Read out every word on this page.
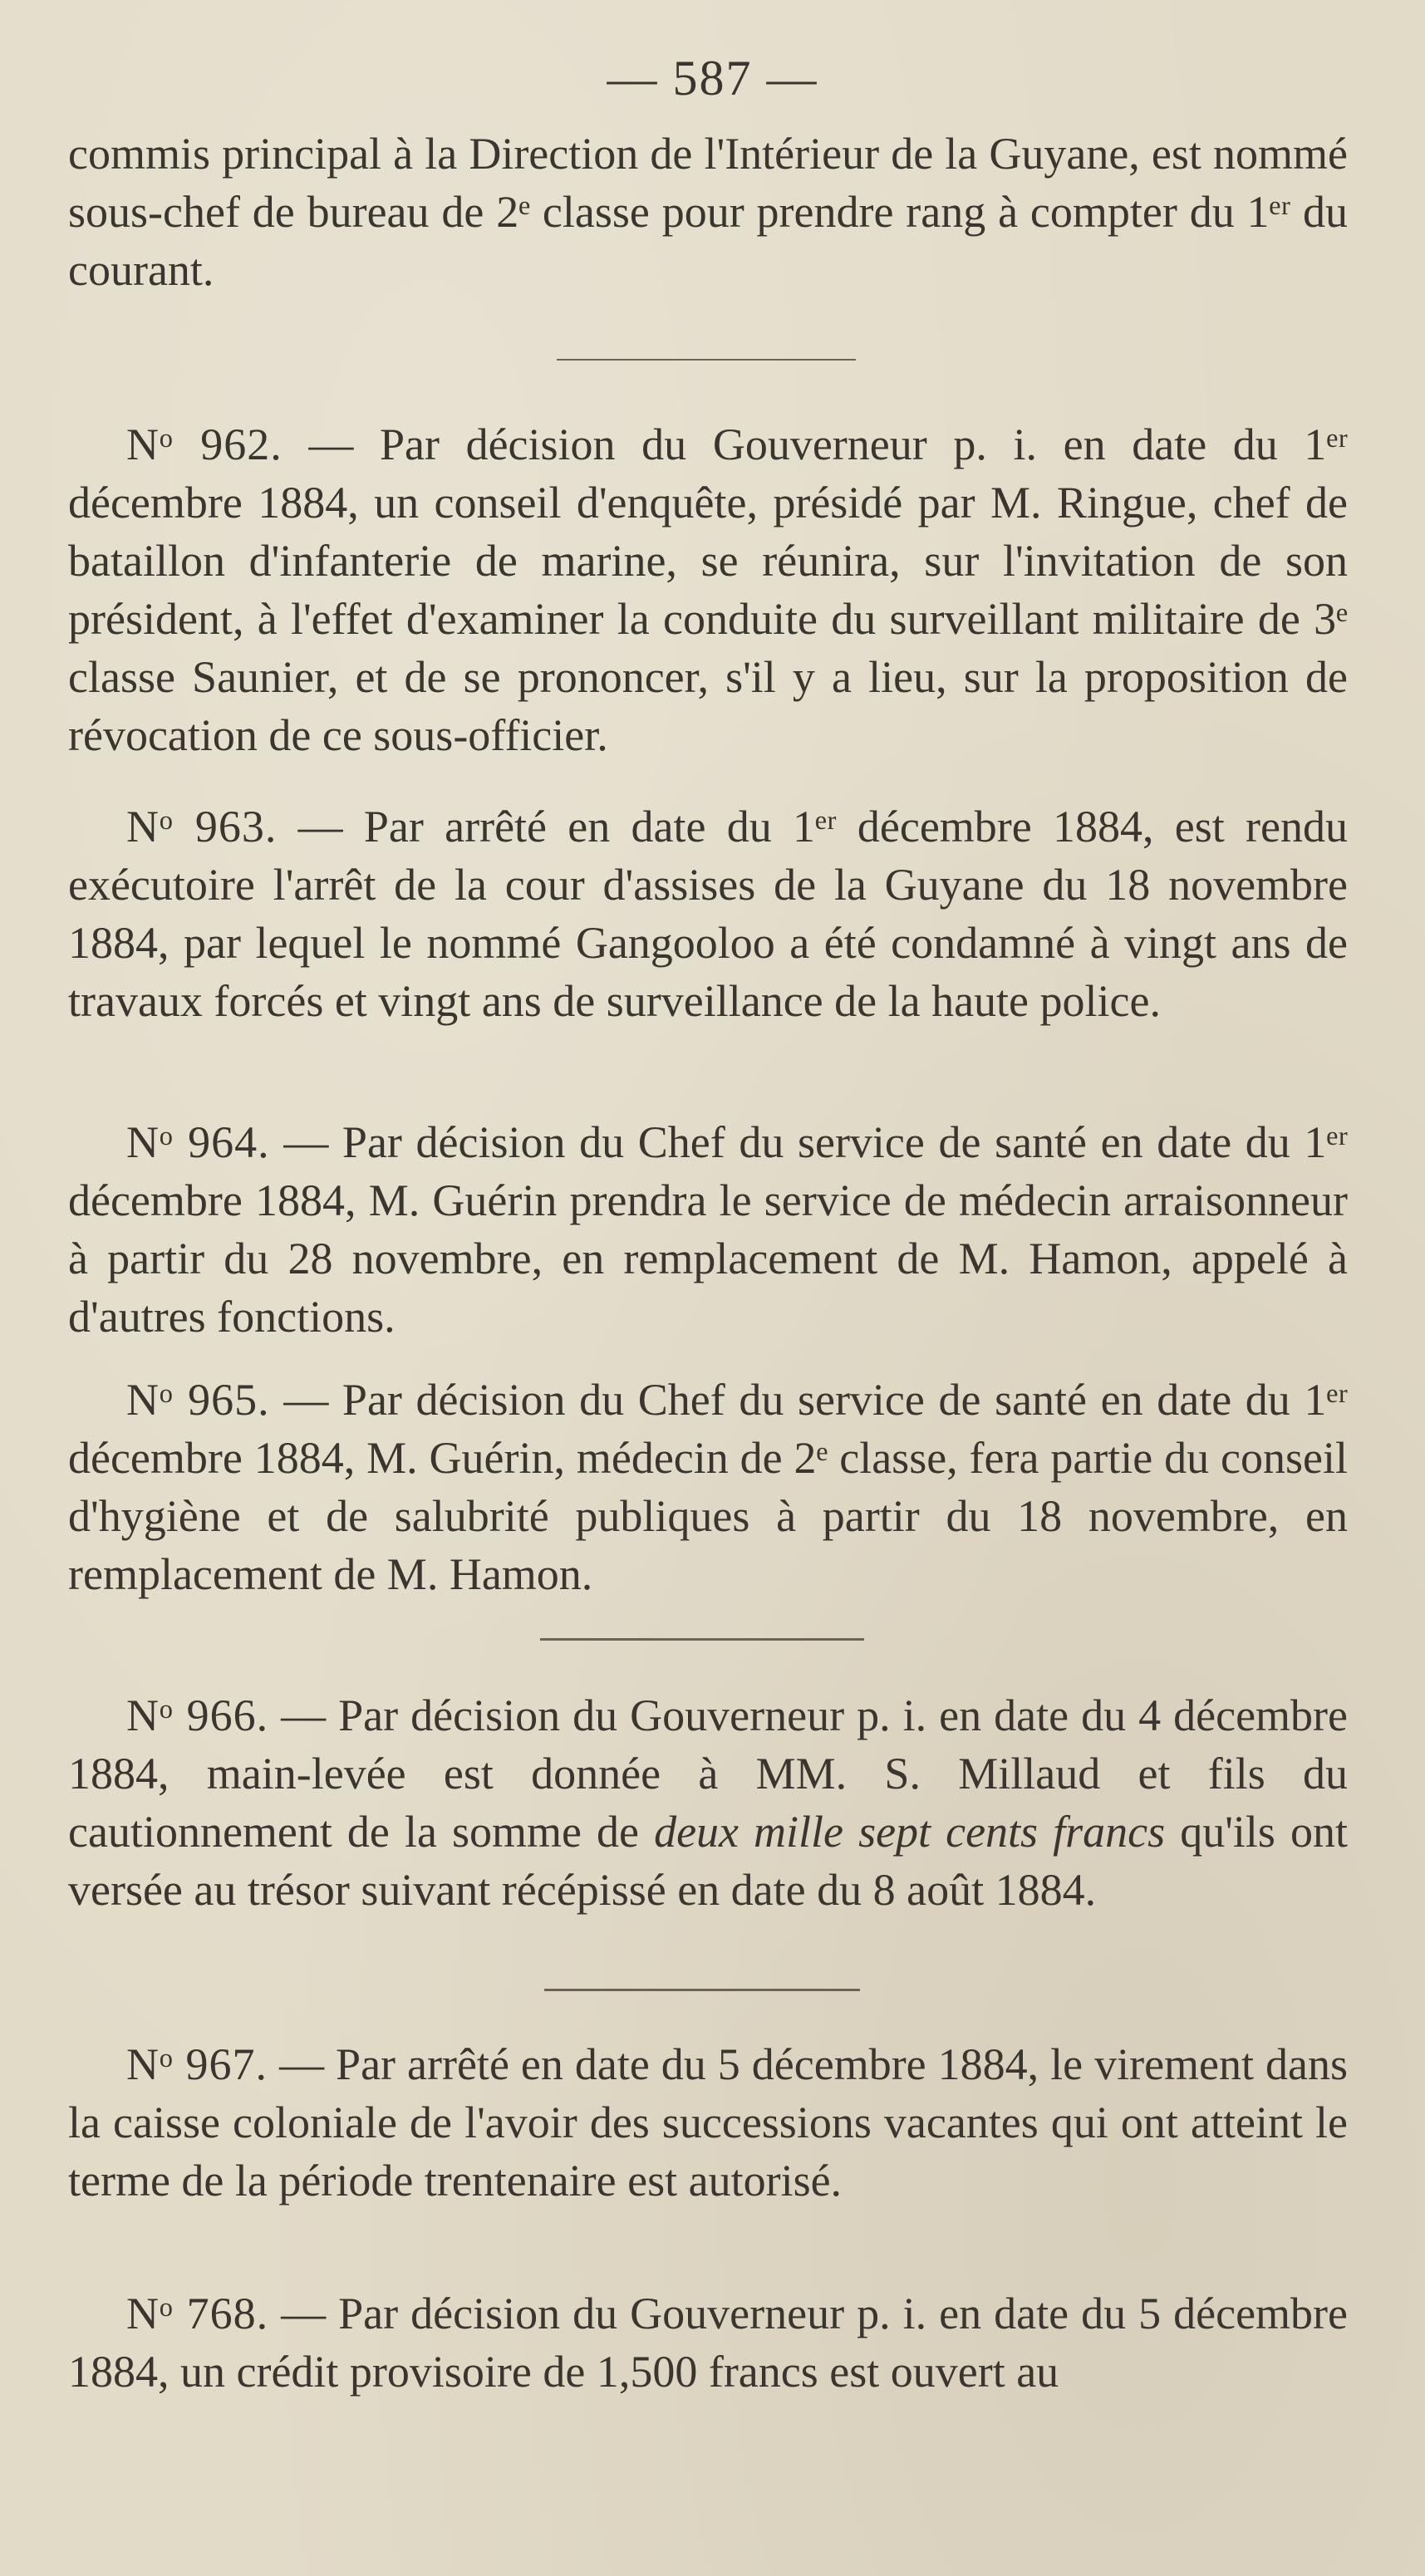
— 587 —

commis principal à la Direction de l'Intérieur de la Guyane, est nommé sous-chef de bureau de 2ᵉ classe pour prendre rang à compter du 1ᵉʳ du courant.

Nᵒ 962. — Par décision du Gouverneur p. i. en date du 1ᵉʳ décembre 1884, un conseil d'enquête, présidé par M. Ringue, chef de bataillon d'infanterie de marine, se réunira, sur l'invitation de son président, à l'effet d'examiner la conduite du surveillant militaire de 3ᵉ classe Saunier, et de se prononcer, s'il y a lieu, sur la proposition de révocation de ce sous-officier.

Nᵒ 963. — Par arrêté en date du 1ᵉʳ décembre 1884, est rendu exécutoire l'arrêt de la cour d'assises de la Guyane du 18 novembre 1884, par lequel le nommé Gangooloo a été condamné à vingt ans de travaux forcés et vingt ans de surveillance de la haute police.

Nᵒ 964. — Par décision du Chef du service de santé en date du 1ᵉʳ décembre 1884, M. Guérin prendra le service de médecin arraisonneur à partir du 28 novembre, en remplacement de M. Hamon, appelé à d'autres fonctions.

Nᵒ 965. — Par décision du Chef du service de santé en date du 1ᵉʳ décembre 1884, M. Guérin, médecin de 2ᵉ classe, fera partie du conseil d'hygiène et de salubrité publiques à partir du 18 novembre, en remplacement de M. Hamon.

Nᵒ 966. — Par décision du Gouverneur p. i. en date du 4 décembre 1884, main-levée est donnée à MM. S. Millaud et fils du cautionnement de la somme de deux mille sept cents francs qu'ils ont versée au trésor suivant récépissé en date du 8 août 1884.

Nᵒ 967. — Par arrêté en date du 5 décembre 1884, le virement dans la caisse coloniale de l'avoir des successions vacantes qui ont atteint le terme de la période trentenaire est autorisé.

Nᵒ 768. — Par décision du Gouverneur p. i. en date du 5 décembre 1884, un crédit provisoire de 1,500 francs est ouvert au
